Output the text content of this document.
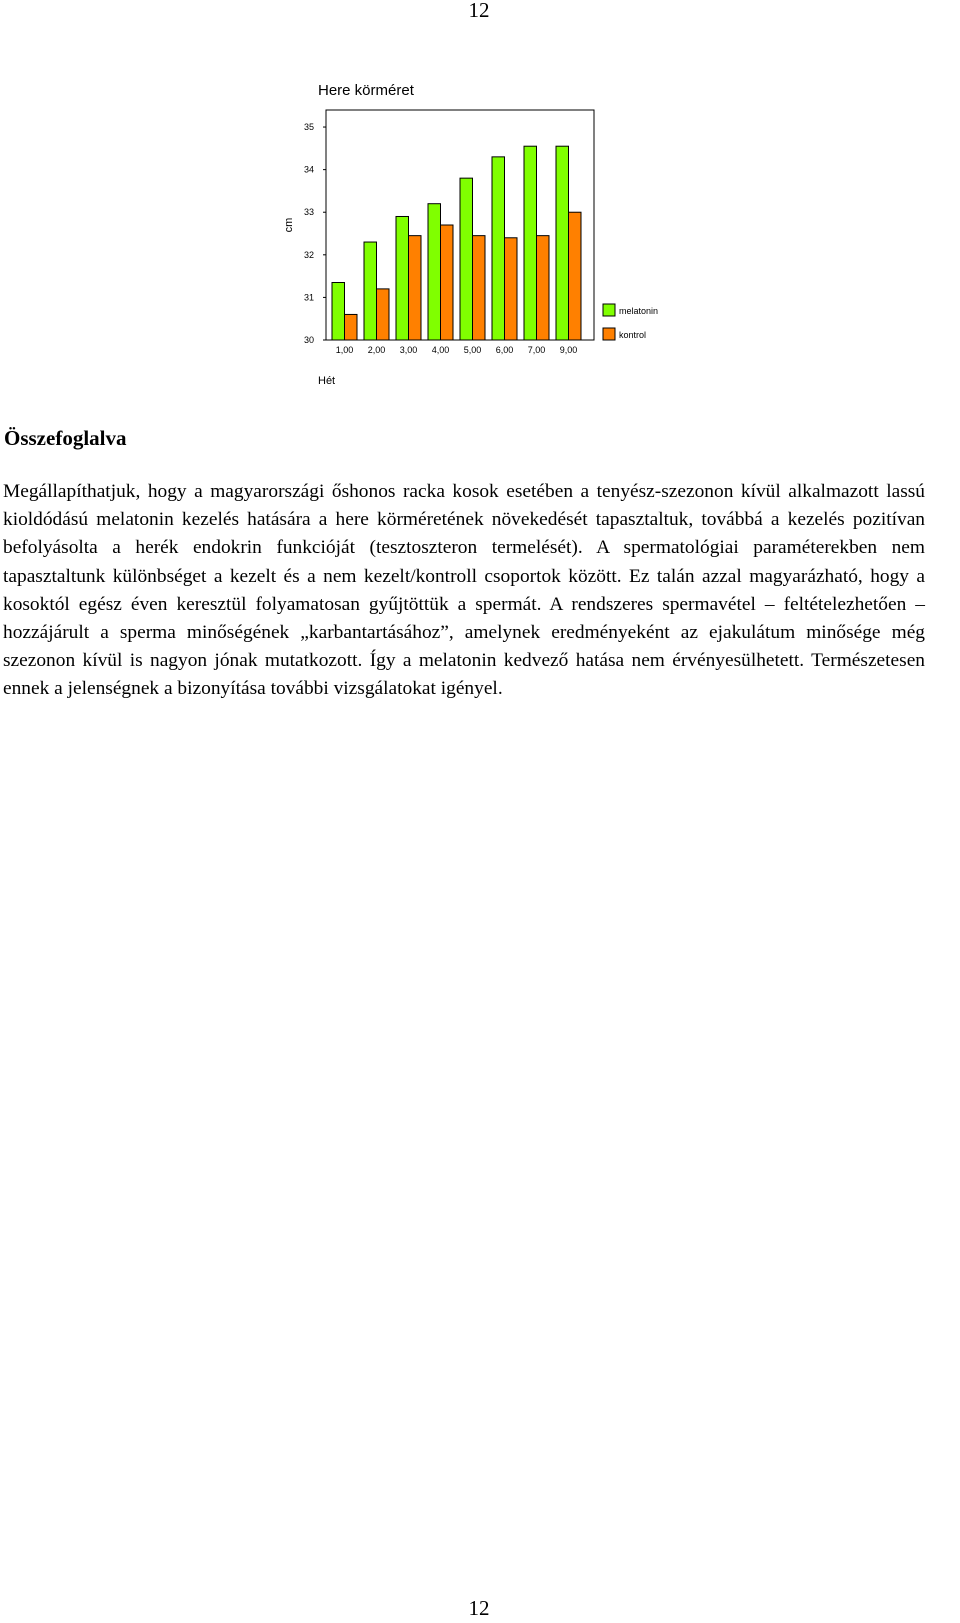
12
Here körméret
cm
30
31
32
33
34
35
1,00 2,00 3,00 4,00 5,00 6,00 7,00 9,00
Hét
melatonin
kontrol
Összefoglalva

Megállapíthatjuk, hogy a magyarországi őshonos racka kosok esetében a tenyész-szezonon kívül alkalmazott lassú kioldódású melatonin kezelés hatására a here körméretének növekedését tapasztaltuk, továbbá a kezelés pozitívan befolyásolta a herék endokrin funkcióját (tesztoszteron termelését). A spermatológiai paraméterekben nem tapasztaltunk különbséget a kezelt és a nem kezelt/kontroll csoportok között. Ez talán azzal magyarázható, hogy a kosoktól egész éven keresztül folyamatosan gyűjtöttük a spermát. A rendszeres spermavétel – feltételezhetően – hozzájárult a sperma minőségének „karbantartásához”, amelynek eredményeként az ejakulátum minősége még szezonon kívül is nagyon jónak mutatkozott. Így a melatonin kedvező hatása nem érvényesülhetett. Természetesen ennek a jelenségnek a bizonyítása további vizsgálatokat igényel.

12
